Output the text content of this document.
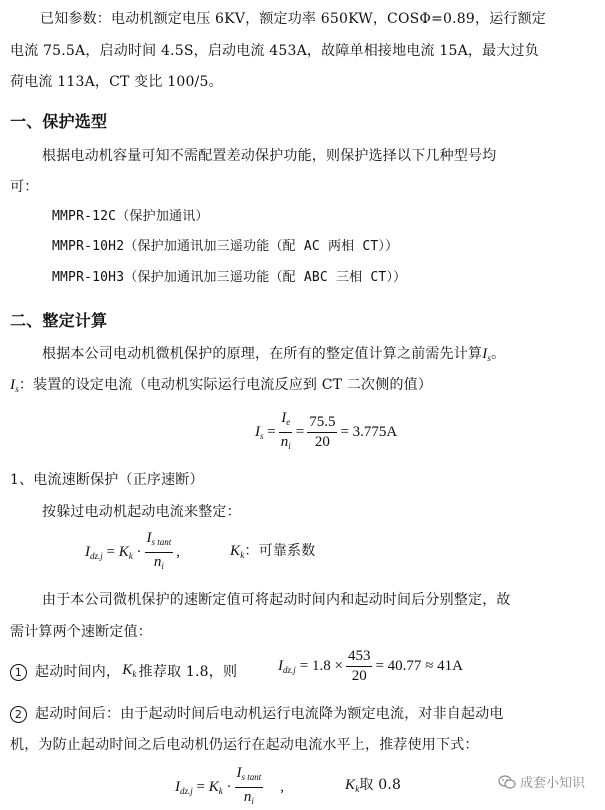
已知参数：电动机额定电压 6KV，额定功率 650KW，COSΦ=0.89，运行额定
电流 75.5A，启动时间 4.5S，启动电流 453A，故障单相接地电流 15A，最大过负
荷电流 113A，CT 变比 100/5。
一、保护选型
根据电动机容量可知不需配置差动保护功能，则保护选择以下几种型号均
可：
MMPR-12C（保护加通讯）
MMPR-10H2（保护加通讯加三遥功能（配 AC 两相 CT））
MMPR-10H3（保护加通讯加三遥功能（配 ABC 三相 CT））
二、整定计算
根据本公司电动机微机保护的原理，在所有的整定值计算之前需先计算$I_s$。
$I_s$：装置的设定电流（电动机实际运行电流反应到 CT 二次侧的值）
$I_s = \frac{I_e}{n_i} = \frac{75.5}{20} = 3.775A$
1、电流速断保护（正序速断）
按躲过电动机起动电流来整定：
$I_{dz.j} = K_k \cdot \frac{I_{s tant}}{n_i}$ ,	$K_k$：可靠系数
由于本公司微机保护的速断定值可将起动时间内和起动时间后分别整定，故
需计算两个速断定值：
1 起动时间内， $K_k$ 推荐取 1.8，则	$I_{dz.j} = 1.8 \times \frac{453}{20} = 40.77 \approx 41A$
2 起动时间后：由于起动时间后电动机运行电流降为额定电流，对非自起动电
机，为防止起动时间之后电动机仍运行在起动电流水平上，推荐使用下式：
$I_{dz.j} = K_k \cdot \frac{I_{s tant}}{n_i}$ ,	$K_k$取 0.8	成套小知识
